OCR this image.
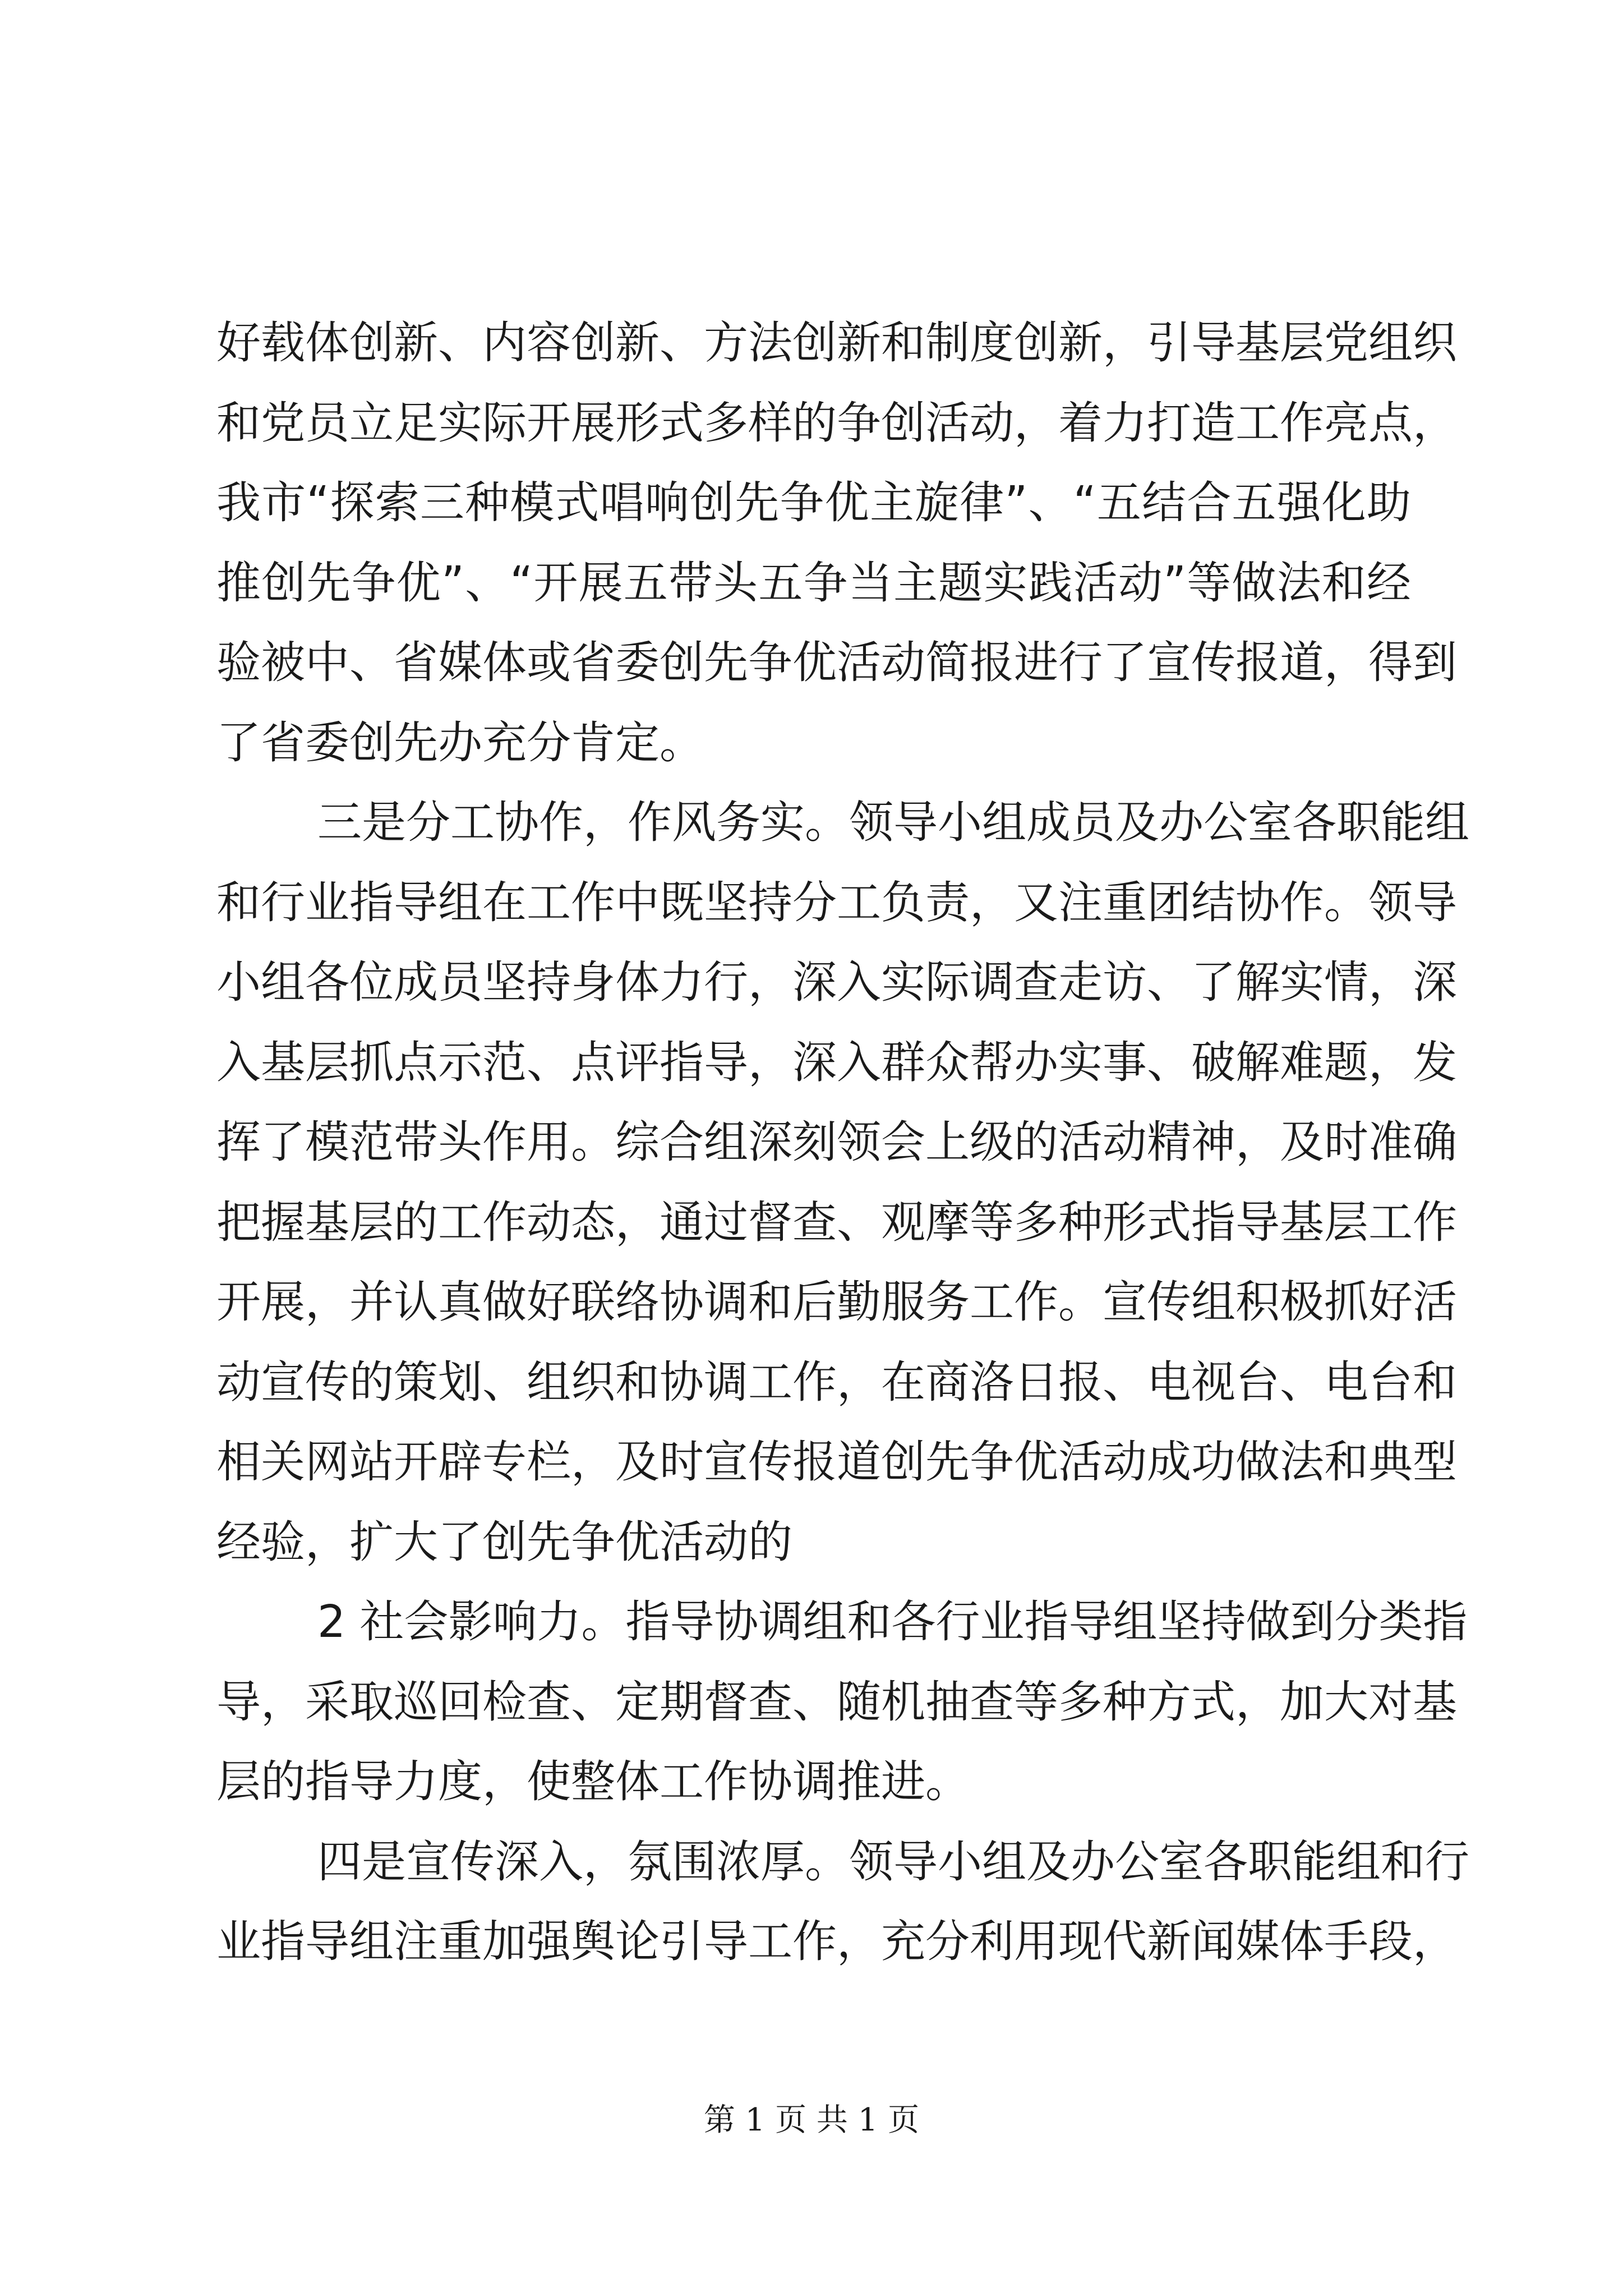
好载体创新、内容创新、方法创新和制度创新，引导基层党组织
和党员立足实际开展形式多样的争创活动，着力打造工作亮点，
我市“探索三种模式唱响创先争优主旋律”、“五结合五强化助
推创先争优”、“开展五带头五争当主题实践活动”等做法和经
验被中、省媒体或省委创先争优活动简报进行了宣传报道，得到
了省委创先办充分肯定。
三是分工协作，作风务实。领导小组成员及办公室各职能组
和行业指导组在工作中既坚持分工负责，又注重团结协作。领导
小组各位成员坚持身体力行，深入实际调查走访、了解实情，深
入基层抓点示范、点评指导，深入群众帮办实事、破解难题，发
挥了模范带头作用。综合组深刻领会上级的活动精神，及时准确
把握基层的工作动态，通过督查、观摩等多种形式指导基层工作
开展，并认真做好联络协调和后勤服务工作。宣传组积极抓好活
动宣传的策划、组织和协调工作，在商洛日报、电视台、电台和
相关网站开辟专栏，及时宣传报道创先争优活动成功做法和典型
经验，扩大了创先争优活动的
2 社会影响力。指导协调组和各行业指导组坚持做到分类指
导，采取巡回检查、定期督查、随机抽查等多种方式，加大对基
层的指导力度，使整体工作协调推进。
四是宣传深入，氛围浓厚。领导小组及办公室各职能组和行
业指导组注重加强舆论引导工作，充分利用现代新闻媒体手段，
第 1 页 共 1 页
